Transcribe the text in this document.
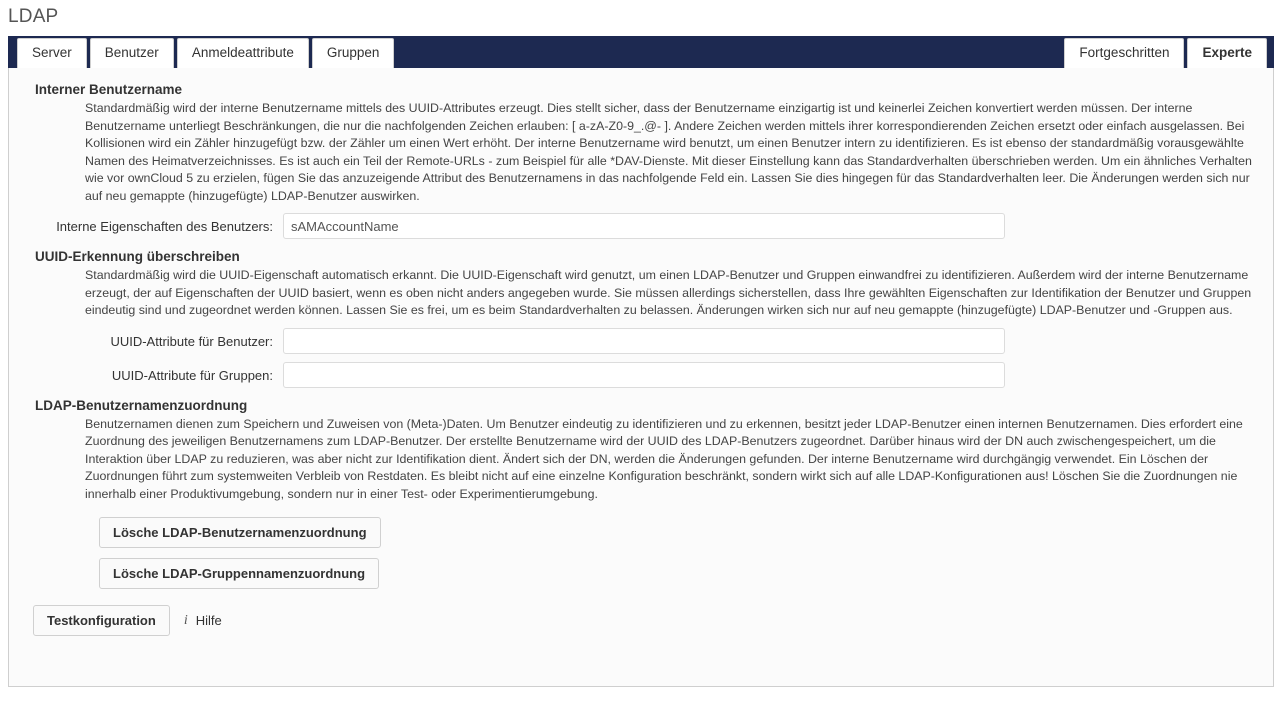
LDAP
Server	Benutzer	Anmeldeattribute	Gruppen	Fortgeschritten	Experte
Interner Benutzername
Standardmäßig wird der interne Benutzername mittels des UUID-Attributes erzeugt. Dies stellt sicher, dass der Benutzername einzigartig ist und keinerlei Zeichen konvertiert werden müssen. Der interne Benutzername unterliegt Beschränkungen, die nur die nachfolgenden Zeichen erlauben: [ a-zA-Z0-9_.@- ]. Andere Zeichen werden mittels ihrer korrespondierenden Zeichen ersetzt oder einfach ausgelassen. Bei Kollisionen wird ein Zähler hinzugefügt bzw. der Zähler um einen Wert erhöht. Der interne Benutzername wird benutzt, um einen Benutzer intern zu identifizieren. Es ist ebenso der standardmäßig vorausgewählte Namen des Heimatverzeichnisses. Es ist auch ein Teil der Remote-URLs - zum Beispiel für alle *DAV-Dienste. Mit dieser Einstellung kann das Standardverhalten überschrieben werden. Um ein ähnliches Verhalten wie vor ownCloud 5 zu erzielen, fügen Sie das anzuzeigende Attribut des Benutzernamens in das nachfolgende Feld ein. Lassen Sie dies hingegen für das Standardverhalten leer. Die Änderungen werden sich nur auf neu gemappte (hinzugefügte) LDAP-Benutzer auswirken.
Interne Eigenschaften des Benutzers:
sAMAccountName
UUID-Erkennung überschreiben
Standardmäßig wird die UUID-Eigenschaft automatisch erkannt. Die UUID-Eigenschaft wird genutzt, um einen LDAP-Benutzer und Gruppen einwandfrei zu identifizieren. Außerdem wird der interne Benutzername erzeugt, der auf Eigenschaften der UUID basiert, wenn es oben nicht anders angegeben wurde. Sie müssen allerdings sicherstellen, dass Ihre gewählten Eigenschaften zur Identifikation der Benutzer und Gruppen eindeutig sind und zugeordnet werden können. Lassen Sie es frei, um es beim Standardverhalten zu belassen. Änderungen wirken sich nur auf neu gemappte (hinzugefügte) LDAP-Benutzer und -Gruppen aus.
UUID-Attribute für Benutzer:
UUID-Attribute für Gruppen:
LDAP-Benutzernamenzuordnung
Benutzernamen dienen zum Speichern und Zuweisen von (Meta-)Daten. Um Benutzer eindeutig zu identifizieren und zu erkennen, besitzt jeder LDAP-Benutzer einen internen Benutzernamen. Dies erfordert eine Zuordnung des jeweiligen Benutzernamens zum LDAP-Benutzer. Der erstellte Benutzername wird der UUID des LDAP-Benutzers zugeordnet. Darüber hinaus wird der DN auch zwischengespeichert, um die Interaktion über LDAP zu reduzieren, was aber nicht zur Identifikation dient. Ändert sich der DN, werden die Änderungen gefunden. Der interne Benutzername wird durchgängig verwendet. Ein Löschen der Zuordnungen führt zum systemweiten Verbleib von Restdaten. Es bleibt nicht auf eine einzelne Konfiguration beschränkt, sondern wirkt sich auf alle LDAP-Konfigurationen aus! Löschen Sie die Zuordnungen nie innerhalb einer Produktivumgebung, sondern nur in einer Test- oder Experimentierumgebung.
Lösche LDAP-Benutzernamenzuordnung
Lösche LDAP-Gruppennamenzuordnung
Testkonfiguration	i Hilfe
